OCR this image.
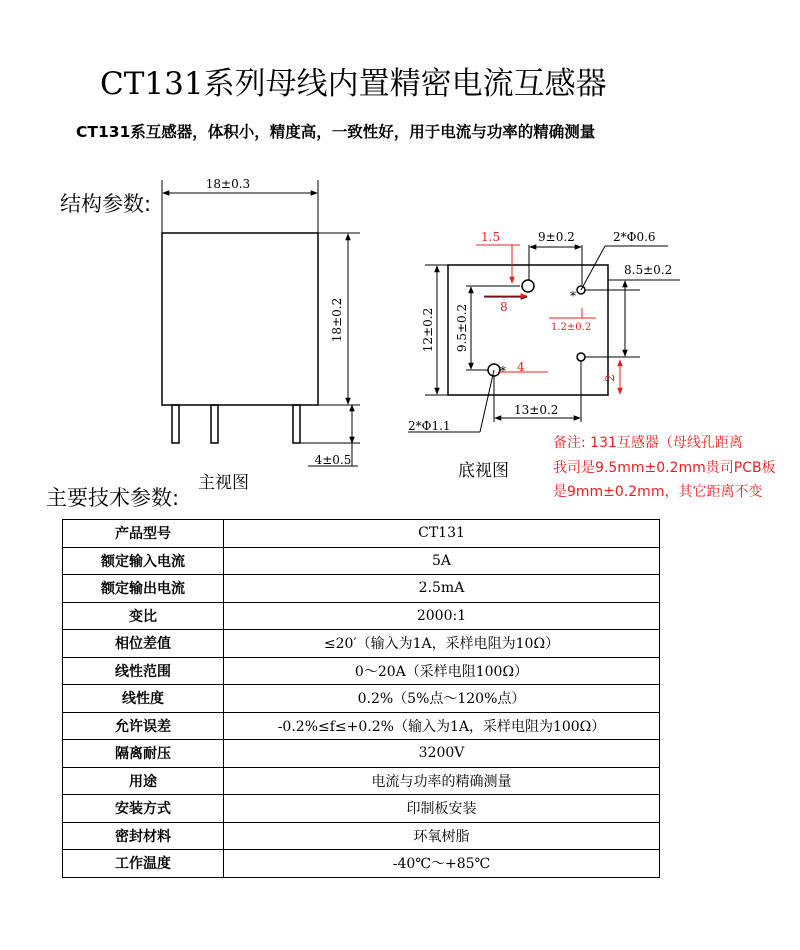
CT131系列母线内置精密电流互感器
CT131系互感器，体积小，精度高，一致性好，用于电流与功率的精确测量
结构参数:
18±0.3
18±0.2
4±0.5
主视图
1.5	9±0.2	2*Φ0.6
8.5±0.2
8
1.2±0.2
12±0.2 9.5±0.2
4
2
13±0.2
2*Φ1.1
*
*
底视图
备注: 131互感器（母线孔距离
我司是9.5mm±0.2mm贵司PCB板
是9mm±0.2mm，其它距离不变
主要技术参数:
产品型号	CT131
额定输入电流	5A
额定输出电流	2.5mA
变比	2000:1
相位差值	≤20′（输入为1A，采样电阻为10Ω）
线性范围	0～20A（采样电阻100Ω）
线性度	0.2%（5%点～120%点）
允许误差	-0.2%≤f≤+0.2%（输入为1A，采样电阻为100Ω）
隔离耐压	3200V
用途	电流与功率的精确测量
安装方式	印制板安装
密封材料	环氧树脂
工作温度	-40℃～+85℃
